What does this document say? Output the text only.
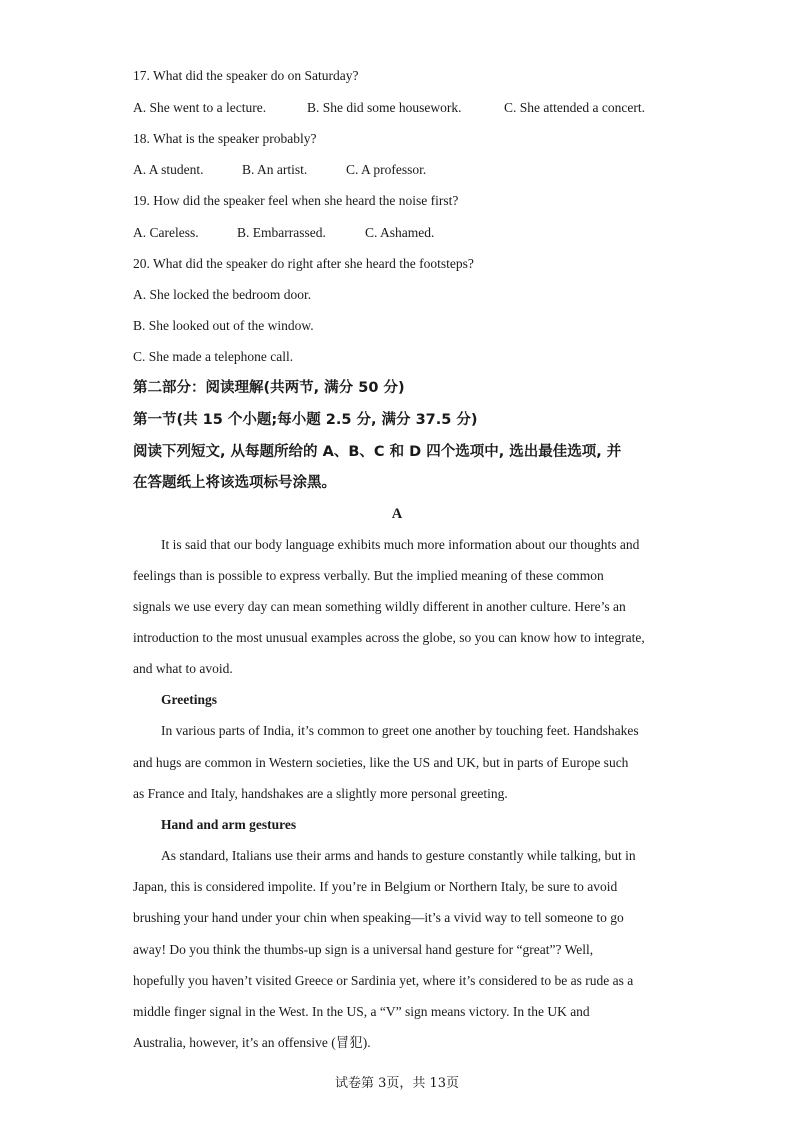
17. What did the speaker do on Saturday?
A. She went to a lecture.	B. She did some housework.	C. She attended a concert.
18. What is the speaker probably?
A. A student.	B. An artist.	C. A professor.
19. How did the speaker feel when she heard the noise first?
A. Careless.	B. Embarrassed.	C. Ashamed.
20. What did the speaker do right after she heard the footsteps?
A. She locked the bedroom door.
B. She looked out of the window.
C. She made a telephone call.
第二部分：阅读理解(共两节, 满分 50 分)
第一节(共 15 个小题;每小题 2.5 分, 满分 37.5 分)
阅读下列短文, 从每题所给的 A、B、C 和 D 四个选项中, 选出最佳选项, 并
在答题纸上将该选项标号涂黑。
A
It is said that our body language exhibits much more information about our thoughts and
feelings than is possible to express verbally. But the implied meaning of these common
signals we use every day can mean something wildly different in another culture. Here’s an
introduction to the most unusual examples across the globe, so you can know how to integrate,
and what to avoid.
Greetings
In various parts of India, it’s common to greet one another by touching feet. Handshakes
and hugs are common in Western societies, like the US and UK, but in parts of Europe such
as France and Italy, handshakes are a slightly more personal greeting.
Hand and arm gestures
As standard, Italians use their arms and hands to gesture constantly while talking, but in
Japan, this is considered impolite. If you’re in Belgium or Northern Italy, be sure to avoid
brushing your hand under your chin when speaking—it’s a vivid way to tell someone to go
away! Do you think the thumbs-up sign is a universal hand gesture for “great”? Well,
hopefully you haven’t visited Greece or Sardinia yet, where it’s considered to be as rude as a
middle finger signal in the West. In the US, a “V” sign means victory. In the UK and
Australia, however, it’s an offensive (冒犯).
试卷第 3页，共 13页
